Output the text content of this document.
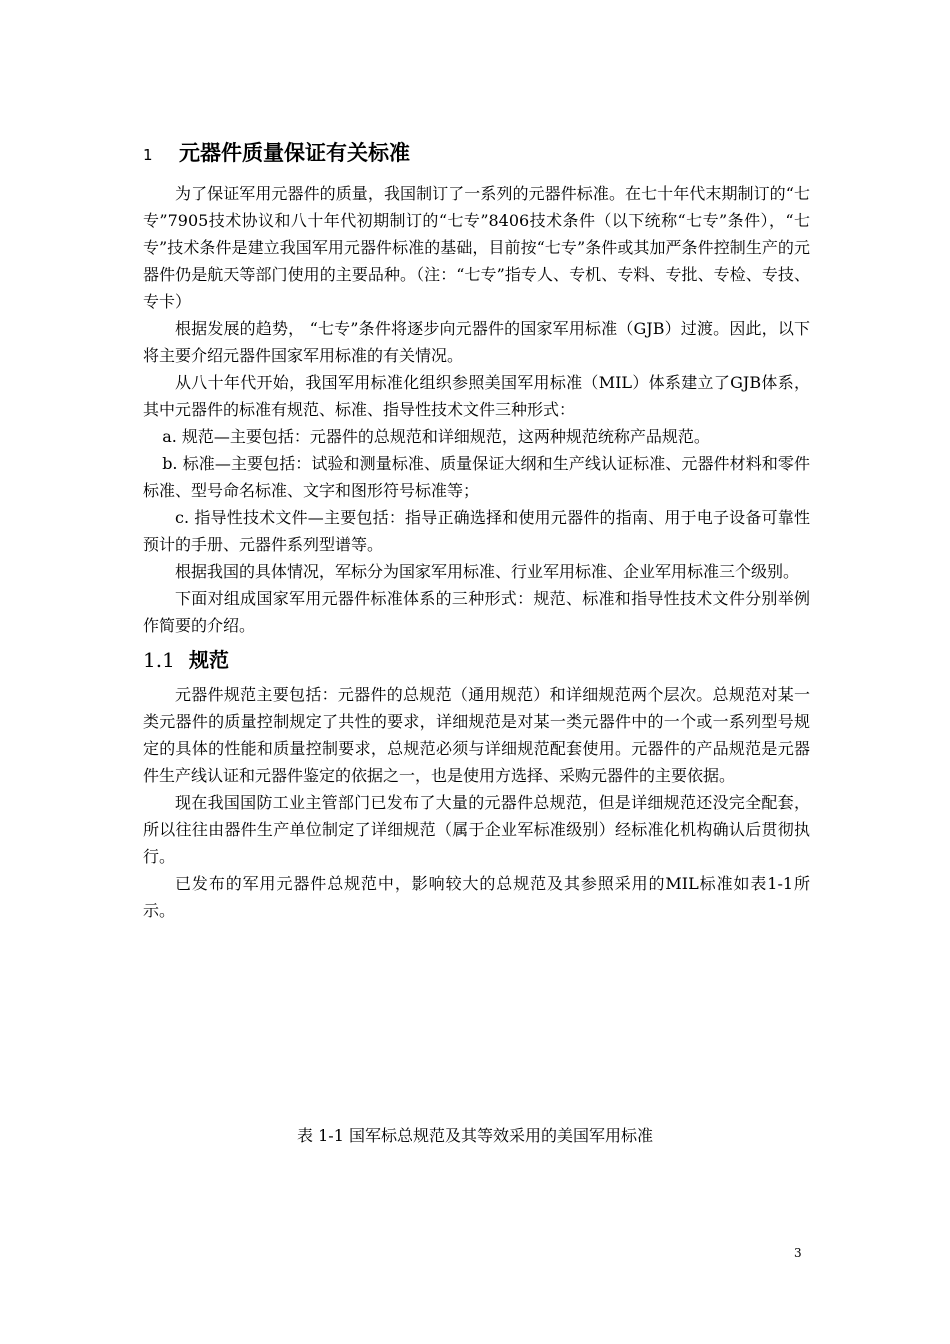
1 元器件质量保证有关标准

为了保证军用元器件的质量，我国制订了一系列的元器件标准。在七十年代末期制订的“七专”7905技术协议和八十年代初期制订的“七专”8406技术条件（以下统称“七专”条件），“七专”技术条件是建立我国军用元器件标准的基础，目前按“七专”条件或其加严条件控制生产的元器件仍是航天等部门使用的主要品种。（注：“七专”指专人、专机、专料、专批、专检、专技、专卡）

根据发展的趋势， “七专”条件将逐步向元器件的国家军用标准（GJB）过渡。因此，以下将主要介绍元器件国家军用标准的有关情况。

从八十年代开始，我国军用标准化组织参照美国军用标准（MIL）体系建立了GJB体系，其中元器件的标准有规范、标准、指导性技术文件三种形式：

a. 规范—主要包括：元器件的总规范和详细规范，这两种规范统称产品规范。

b. 标准—主要包括：试验和测量标准、质量保证大纲和生产线认证标准、元器件材料和零件标准、型号命名标准、文字和图形符号标准等；

c. 指导性技术文件—主要包括：指导正确选择和使用元器件的指南、用于电子设备可靠性预计的手册、元器件系列型谱等。

根据我国的具体情况，军标分为国家军用标准、行业军用标准、企业军用标准三个级别。

下面对组成国家军用元器件标准体系的三种形式：规范、标准和指导性技术文件分别举例作简要的介绍。

1.1 规范

元器件规范主要包括：元器件的总规范（通用规范）和详细规范两个层次。总规范对某一类元器件的质量控制规定了共性的要求，详细规范是对某一类元器件中的一个或一系列型号规定的具体的性能和质量控制要求，总规范必须与详细规范配套使用。元器件的产品规范是元器件生产线认证和元器件鉴定的依据之一，也是使用方选择、采购元器件的主要依据。

现在我国国防工业主管部门已发布了大量的元器件总规范，但是详细规范还没完全配套，所以往往由器件生产单位制定了详细规范（属于企业军标准级别）经标准化机构确认后贯彻执行。

已发布的军用元器件总规范中，影响较大的总规范及其参照采用的MIL标准如表1-1所示。

表 1-1 国军标总规范及其等效采用的美国军用标准
3
